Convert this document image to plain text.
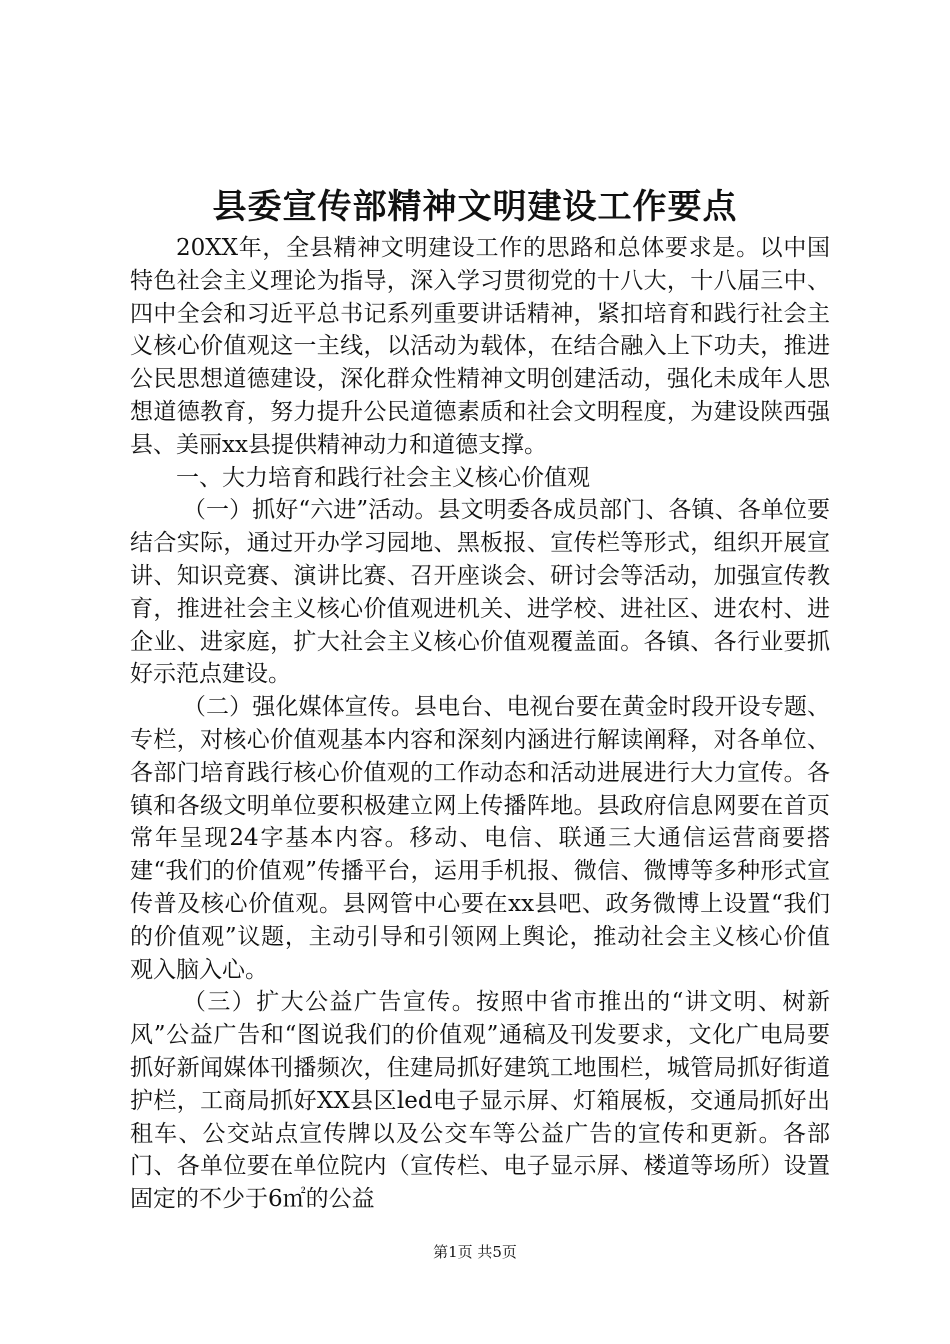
县委宣传部精神文明建设工作要点

20XX年，全县精神文明建设工作的思路和总体要求是。以中国特色社会主义理论为指导，深入学习贯彻党的十八大，十八届三中、四中全会和习近平总书记系列重要讲话精神，紧扣培育和践行社会主义核心价值观这一主线，以活动为载体，在结合融入上下功夫，推进公民思想道德建设，深化群众性精神文明创建活动，强化未成年人思想道德教育，努力提升公民道德素质和社会文明程度，为建设陕西强县、美丽xx县提供精神动力和道德支撑。

一、大力培育和践行社会主义核心价值观

（一）抓好“六进”活动。县文明委各成员部门、各镇、各单位要结合实际，通过开办学习园地、黑板报、宣传栏等形式，组织开展宣讲、知识竞赛、演讲比赛、召开座谈会、研讨会等活动，加强宣传教育，推进社会主义核心价值观进机关、进学校、进社区、进农村、进企业、进家庭，扩大社会主义核心价值观覆盖面。各镇、各行业要抓好示范点建设。

（二）强化媒体宣传。县电台、电视台要在黄金时段开设专题、专栏，对核心价值观基本内容和深刻内涵进行解读阐释，对各单位、各部门培育践行核心价值观的工作动态和活动进展进行大力宣传。各镇和各级文明单位要积极建立网上传播阵地。县政府信息网要在首页常年呈现24字基本内容。移动、电信、联通三大通信运营商要搭建“我们的价值观”传播平台，运用手机报、微信、微博等多种形式宣传普及核心价值观。县网管中心要在xx县吧、政务微博上设置“我们的价值观”议题，主动引导和引领网上舆论，推动社会主义核心价值观入脑入心。

（三）扩大公益广告宣传。按照中省市推出的“讲文明、树新风”公益广告和“图说我们的价值观”通稿及刊发要求，文化广电局要抓好新闻媒体刊播频次，住建局抓好建筑工地围栏，城管局抓好街道护栏，工商局抓好XX县区led电子显示屏、灯箱展板，交通局抓好出租车、公交站点宣传牌以及公交车等公益广告的宣传和更新。各部门、各单位要在单位院内（宣传栏、电子显示屏、楼道等场所）设置固定的不少于6㎡的公益

第1页 共5页
